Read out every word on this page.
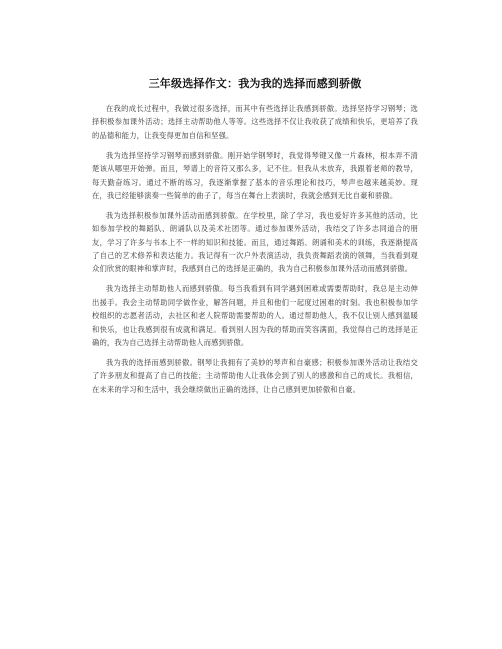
三年级选择作文：我为我的选择而感到骄傲

在我的成长过程中，我做过很多选择，而其中有些选择让我感到骄傲。选择坚持学习钢琴；选择积极参加课外活动；选择主动帮助他人等等。这些选择不仅让我收获了成绩和快乐，更培养了我的品德和能力，让我变得更加自信和坚强。

我为选择坚持学习钢琴而感到骄傲。刚开始学钢琴时，我觉得琴键又像一片森林，根本弄不清楚该从哪里开始弹。而且，琴谱上的音符又那么多，记不住。但我从未放弃，我跟着老师的教导，每天勤奋练习。通过不断的练习，我逐渐掌握了基本的音乐理论和技巧，琴声也越来越美妙。现在，我已经能够演奏一些简单的曲子了，每当在舞台上表演时，我就会感到无比自豪和骄傲。

我为选择积极参加课外活动而感到骄傲。在学校里，除了学习，我也爱好许多其他的活动，比如参加学校的舞蹈队、朗诵队以及美术社团等。通过参加课外活动，我结交了许多志同道合的朋友，学习了许多与书本上不一样的知识和技能。而且，通过舞蹈、朗诵和美术的训练，我逐渐提高了自己的艺术修养和表达能力。我记得有一次户外表演活动，我负责舞蹈表演的领舞，当我看到观众们欣赏的眼神和掌声时，我感到自己的选择是正确的，我为自己积极参加课外活动而感到骄傲。

我为选择主动帮助他人而感到骄傲。每当我看到有同学遇到困难或需要帮助时，我总是主动伸出援手。我会主动帮助同学做作业，解答问题，并且和他们一起度过困难的时刻。我也积极参加学校组织的志愿者活动，去社区和老人院帮助需要帮助的人。通过帮助他人，我不仅让别人感到温暖和快乐，也让我感到很有成就和满足。看到别人因为我的帮助而笑容满面，我觉得自己的选择是正确的，我为自己选择主动帮助他人而感到骄傲。

我为我的选择而感到骄傲。钢琴让我拥有了美妙的琴声和自豪感；积极参加课外活动让我结交了许多朋友和提高了自己的技能；主动帮助他人让我体会到了别人的感激和自己的成长。我相信，在未来的学习和生活中，我会继续做出正确的选择，让自己感到更加骄傲和自豪。
